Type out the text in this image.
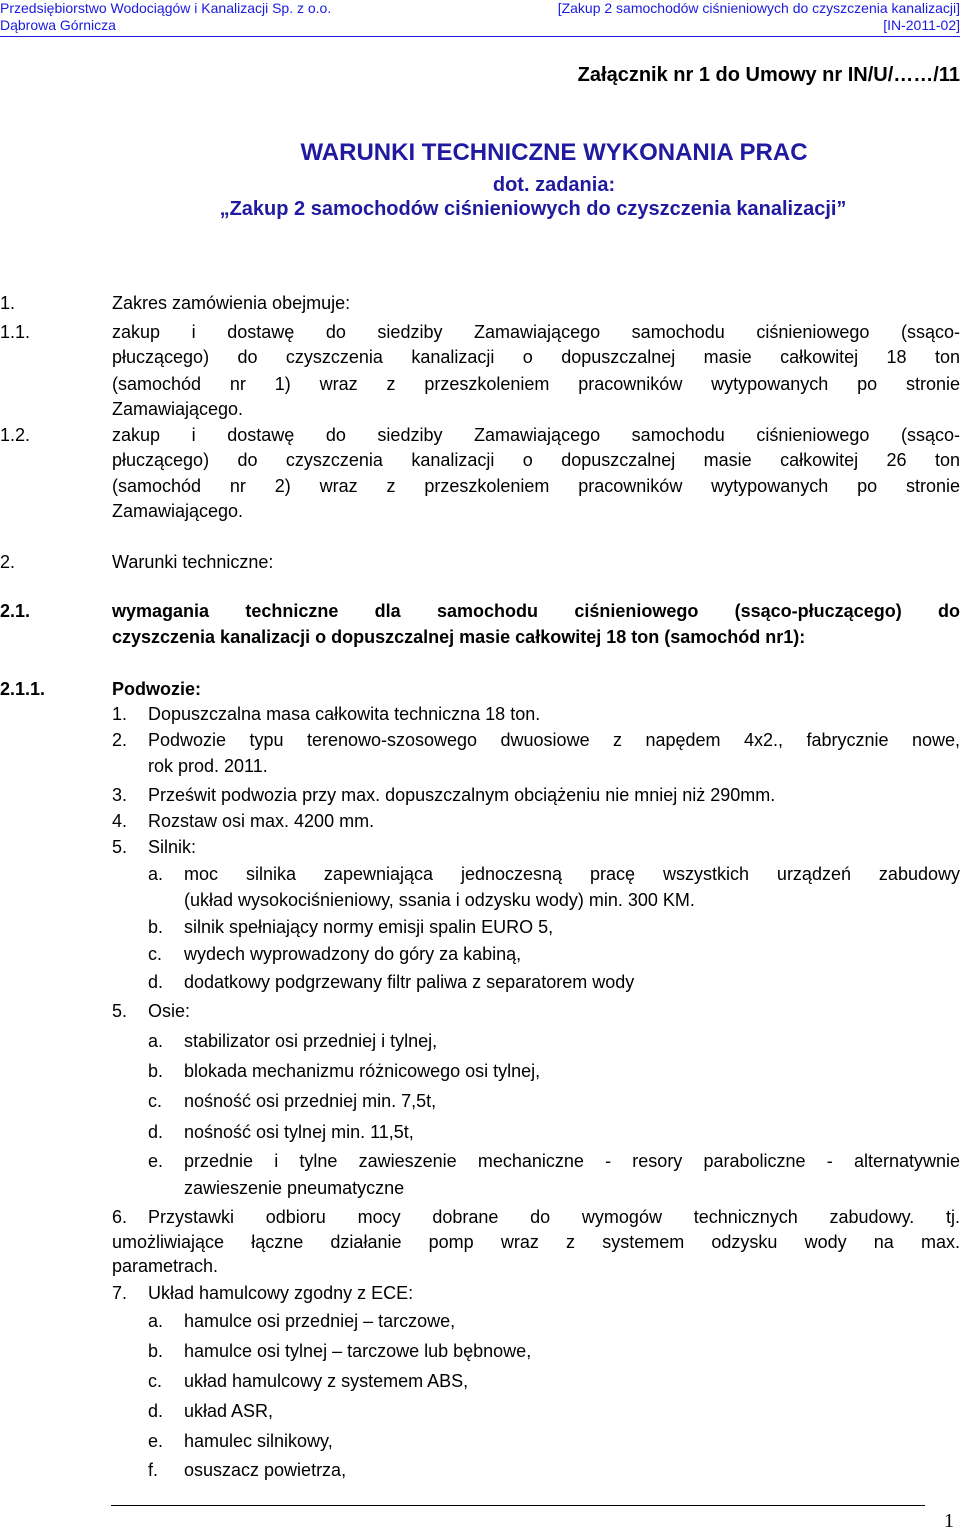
Przedsiębiorstwo Wodociągów i Kanalizacji Sp. z o.o.
Dąbrowa Górnicza
[Zakup 2 samochodów ciśnieniowych do czyszczenia kanalizacji]
[IN-2011-02]
Załącznik nr 1 do Umowy nr IN/U/……/11
WARUNKI TECHNICZNE WYKONANIA PRAC
dot. zadania:
„Zakup 2 samochodów ciśnieniowych do czyszczenia kanalizacji”
1.	Zakres zamówienia obejmuje:
1.1.	zakup i dostawę do siedziby Zamawiającego samochodu ciśnieniowego (ssąco-
płuczącego) do czyszczenia kanalizacji o dopuszczalnej masie całkowitej 18 ton
(samochód nr 1) wraz z przeszkoleniem pracowników wytypowanych po stronie
Zamawiającego.
1.2.	zakup i dostawę do siedziby Zamawiającego samochodu ciśnieniowego (ssąco-
płuczącego) do czyszczenia kanalizacji o dopuszczalnej masie całkowitej 26 ton
(samochód nr 2) wraz z przeszkoleniem pracowników wytypowanych po stronie
Zamawiającego.
2.	Warunki techniczne:
2.1.	wymagania techniczne dla samochodu ciśnieniowego (ssąco-płuczącego) do
czyszczenia kanalizacji o dopuszczalnej masie całkowitej 18 ton (samochód nr1):
2.1.1.	Podwozie:
1. Dopuszczalna masa całkowita techniczna 18 ton.
2. Podwozie typu terenowo-szosowego dwuosiowe z napędem 4x2., fabrycznie nowe,
rok prod. 2011.
3. Prześwit podwozia przy max. dopuszczalnym obciążeniu nie mniej niż 290mm.
4. Rozstaw osi max. 4200 mm.
5. Silnik:
a. moc silnika zapewniająca jednoczesną pracę wszystkich urządzeń zabudowy
(układ wysokociśnieniowy, ssania i odzysku wody) min. 300 KM.
b. silnik spełniający normy emisji spalin EURO 5,
c. wydech wyprowadzony do góry za kabiną,
d. dodatkowy podgrzewany filtr paliwa z separatorem wody
5. Osie:
a. stabilizator osi przedniej i tylnej,
b. blokada mechanizmu różnicowego osi tylnej,
c. nośność osi przedniej min. 7,5t,
d. nośność osi tylnej min. 11,5t,
e. przednie i tylne zawieszenie mechaniczne - resory paraboliczne - alternatywnie
zawieszenie pneumatyczne
6. Przystawki odbioru mocy dobrane do wymogów technicznych zabudowy. tj.
umożliwiające łączne działanie pomp wraz z systemem odzysku wody na max.
parametrach.
7. Układ hamulcowy zgodny z ECE:
a. hamulce osi przedniej – tarczowe,
b. hamulce osi tylnej – tarczowe lub bębnowe,
c. układ hamulcowy z systemem ABS,
d. układ ASR,
e. hamulec silnikowy,
f. osuszacz powietrza,
1
